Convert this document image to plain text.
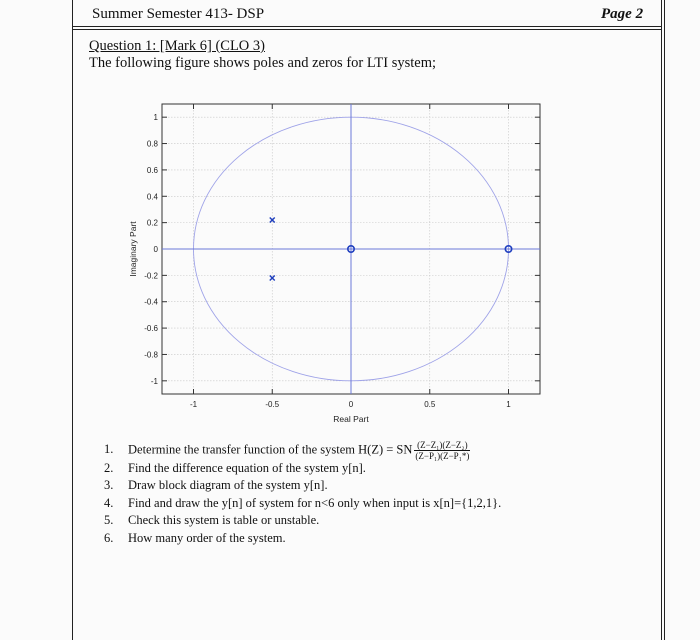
Summer Semester 413- DSP	Page 2
Question 1: [Mark 6] (CLO 3)
The following figure shows poles and zeros for LTI system;
1
0.8
0.6
0.4
0.2
0
-0.2
-0.4
-0.6
-0.8
-1
-1	-0.5	0	0.5	1
Real Part
Imaginary Part
1. Determine the transfer function of the system H(Z) = SN $\frac{\text{(Z−Z₁)(Z−Z₂)}}{\text{(Z−P₁)(Z−P₁*)}}$
2. Find the difference equation of the system y[n].
3. Draw block diagram of the system y[n].
4. Find and draw the y[n] of system for n<6 only when input is x[n]={1,2,1}.
5. Check this system is table or unstable.
6. How many order of the system.
